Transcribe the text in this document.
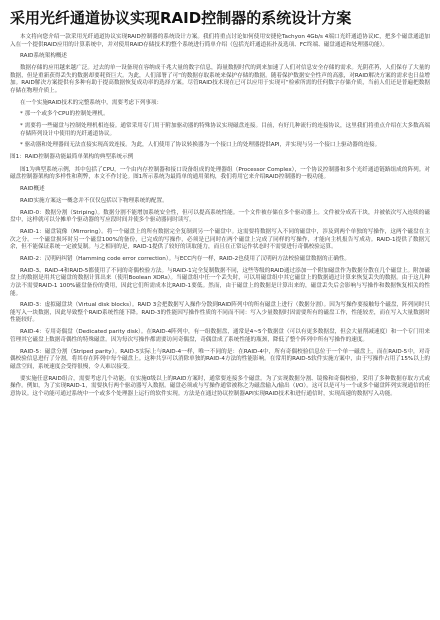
采用光纤通道协议实现RAID控制器的系统设计方案

本文将向您介绍一款采用光纤通道协议实现RAID控制器的系统设计方案。我们将重点讨论如何使用安捷伦Tachyon 4Gb/s 4端口光纤通道协议IC，把多个磁盘通道加入在一个提供RAID应用的计算系统中，并对使用RAID存储技术的整个系统进行简单介绍（包括光纤通道拓扑及选项、FC终端、磁盘通道和处理器功能）。

RAID系统架构概述

数据存储的应用越来越广泛。过去的单一设备现在容纳成千兆大量的数字信息，海量数据时代的到来加速了人们对信息安全存储的需求。光阴荏苒，人们保存了大量的数据，但是重新获得丢失的数据却要耗资巨大。为此，人们部署了可“的数据存取系统来保护存储的数据。随着保护数据安全性声的高涨，对RAID解决方案的需求也日益增加。RAID解决方案提供有多种有助于提高数据恢复成功率的选择方案。尽管RAID技术现在已可以应用于实现可“检索所需的任何数字存储介质，当前人们还是普遍把数据存储在物理介质上。

在一个实施RAID技术的完整系统中，需要考虑下列事项：

* 那一个或多个CPU的控制处理机。

* 需要将一些磁盘与控制处理机相连接。通常采用专门用于附加驱动器的特殊协议实现磁盘连接。目前，有好几种流行的连接协议，这里我们将重点介绍在大多数高端存储阵列设计中使用的光纤通道协议。

* 驱动器和处理器间无法直接实现高效连接。为此，人们使用了协议转换器为一个接口上的处理器提供API，并实现与另一个接口上驱动器的连接。

图1：RAID控制器功能最简单架构的典型系统示例

图1为典型系统示例，其中包括了CPU，一个由内存控制器和接口设备组成的处理器组（Processor Complex），一个协议控制器和多个光纤通道链路组成的阵列。对磁盘控制器架构的多样性和利弊，本文不作讨论。图1所示系统为最简单的通用架构，我们将用它来介绍RAID控制器的一般功能。

RAID概述

RAID实施方案这一概念并不仅仅包括以下物理系统的配置。

RAID-0：数据分割（Striping）。数据分割不能增加系统安全性，但可以提高系统性能。一个文件被存储在多个驱动器上。文件被分成若干块，并被依次写入连续的磁盘中，这样就可以分摊单个驱动器的写应段时间并使多个驱动器同时读写。

RAID-1：磁盘镜像（Mirroring）。将一个磁盘上的所有数据完全复制到另一个磁盘中。这需要将数据写入不同的磁盘中，涉及到两个单独的写操作，这两个磁盘在主次之分。一个磁盘损坏时另一个磁盘100%的备份，已完成的写操作，必须是已同时在两个磁盘上完成了同样的写操作，才能向主机报告写成功。RAID-1提供了数据冗余，但不能保证系统一定被复制。与之相同的是，RAID-1提供了较好的读取能力，而且在正常运作状态时不需要进行奇偶校验运算。

RAID-2：汉明码纠错（Hamming code error correction）。与ECC内存一样，RAID-2也使用了汉明码方法校验磁盘数据的正确性。

RAID-3、RAID-4和RAID-5都使用了不同的奇偶校验方法。与RAID-1完全复制数据不同，这些等级的RAID通过添加一个附加磁盘作为数据分散在几个磁盘上。附加磁盘上的数据是用其它磁盘的数据计算出来（使用Boolean XORs）。当磁盘组中任一个丢失时，可以用磁盘组中其它磁盘上的数据通过计算来恢复丢失的数据。由于这几种方法不需要RAID-1 100%磁盘备份的费用，因此它们所需成本比RAID-1要低。然而，由于磁盘上的数据是计算出来的，磁盘丢失后会影响与写操作和数据恢复相关的性能。

RAID-3：虚拟磁盘块（Virtual disk blocks）。RAID 3会把数据写入操作分散到RAID阵列中的所有磁盘上进行（数据分割）。因为写操作要接触每个磁盘，阵列同时只能写入一块数据，因此导致整个RAID系统性能下降。RAID-3的性能因写操作性质的不同而不同：写入少量数据时因需要所有的磁盘工作，性能较差，而在写入大量数据时性能较好。

RAID-4：专用奇偶盘（Dedicated parity disk）。在RAID-4阵列中，有一组数据盘，通常是4~5个数据盘（可以有更多数据盘，但会大量削减速度）和一个专门用来管理其它磁盘上数据奇偶性的特殊磁盘。因为每次写操作都需要访问奇偶盘，奇偶盘成了系统性能的瓶颈，降低了整个阵列中所有写操作的速度。

RAID-5：磁盘分割（Striped parity）。RAID-5实际上与RAID-4一样，唯一不同的是：在RAID-4中，所有奇偶校验信息位于一个单一磁盘上，而在RAID-5中，对奇偶校验信息进行了分割，将其存在阵列中每个磁盘上。这种共享可以消除单独的RAID-4方法的性能影响。在常用的RAID-5软件实施方案中，由于写操作占用了15%以上的磁盘空间，系统速度会受得很慢，令人难以接受。

要实施任意RAID组合，需要考虑几个功能。在实施0级以上的RAID方案时，通常要连接多个磁盘。为了实现数据分割、镜像和奇偶校验，采用了多种数据存取方式或操作。例如，为了实现RAID-1，需要执行两个驱动器写入数据。磁盘必须或与写操作通常被称之为磁盘输入/输出（I/O）。这可以是可与一个或多个磁盘阵列实现通信的任意协议。这个功能可通过系统中一个或多个处理器上运行的软件实现。方法是在通过协议控制器API实现RAID技术和进行通信时，实现高速的数据写入功能。
